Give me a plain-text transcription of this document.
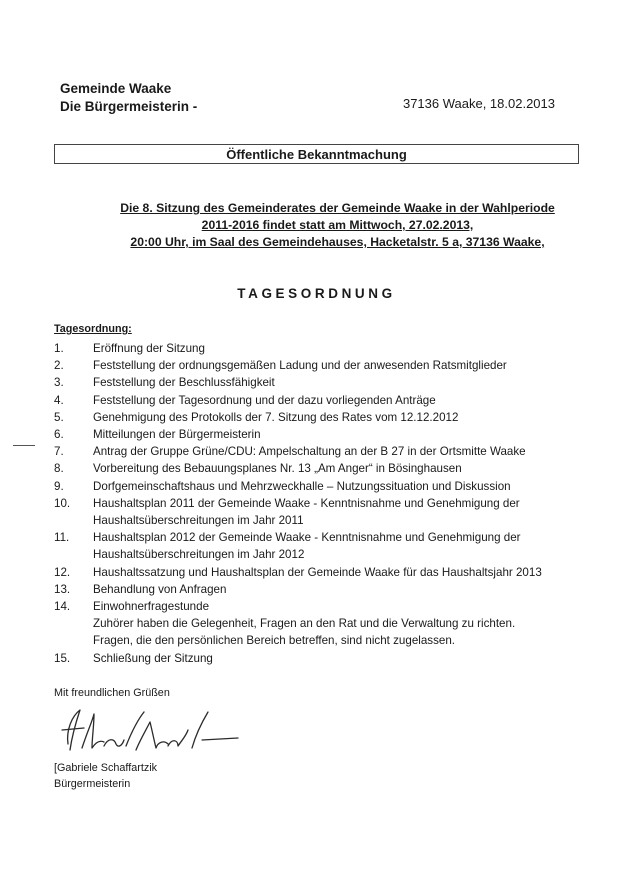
Gemeinde Waake
Die Bürgermeisterin -	37136 Waake, 18.02.2013
Öffentliche Bekanntmachung
Die 8. Sitzung des Gemeinderates der Gemeinde Waake in der Wahlperiode
2011-2016 findet statt am Mittwoch, 27.02.2013,
20:00 Uhr, im Saal des Gemeindehauses, Hacketalstr. 5 a, 37136 Waake,
TAGESORDNUNG
Tagesordnung:
1.	Eröffnung der Sitzung
2.	Feststellung der ordnungsgemäßen Ladung und der anwesenden Ratsmitglieder
3.	Feststellung der Beschlussfähigkeit
4.	Feststellung der Tagesordnung und der dazu vorliegenden Anträge
5.	Genehmigung des Protokolls der 7. Sitzung des Rates vom 12.12.2012
6.	Mitteilungen der Bürgermeisterin
7.	Antrag der Gruppe Grüne/CDU: Ampelschaltung an der B 27 in der Ortsmitte Waake
8.	Vorbereitung des Bebauungsplanes Nr. 13 „Am Anger“ in Bösinghausen
9.	Dorfgemeinschaftshaus und Mehrzweckhalle – Nutzungssituation und Diskussion
10.	Haushaltsplan 2011 der Gemeinde Waake - Kenntnisnahme und Genehmigung der
Haushaltsüberschreitungen im Jahr 2011
11.	Haushaltsplan 2012 der Gemeinde Waake - Kenntnisnahme und Genehmigung der
Haushaltsüberschreitungen im Jahr 2012
12.	Haushaltssatzung und Haushaltsplan der Gemeinde Waake für das Haushaltsjahr 2013
13.	Behandlung von Anfragen
14.	Einwohnerfragestunde
Zuhörer haben die Gelegenheit, Fragen an den Rat und die Verwaltung zu richten.
Fragen, die den persönlichen Bereich betreffen, sind nicht zugelassen.
15.	Schließung der Sitzung
Mit freundlichen Grüßen
[Gabriele Schaffartzik
Bürgermeisterin
